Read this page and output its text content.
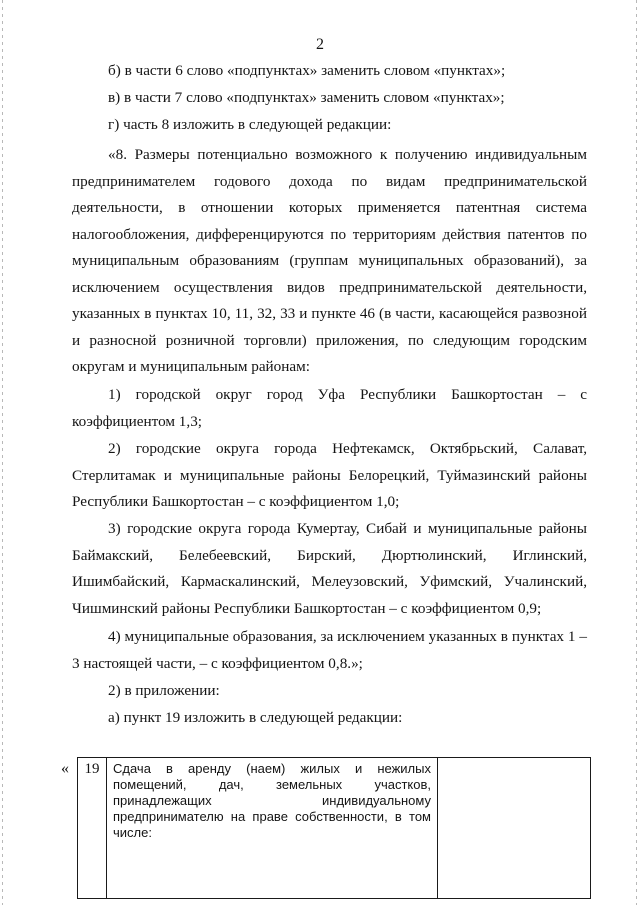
2
б) в части 6 слово «подпунктах» заменить словом «пунктах»;
в) в части 7 слово «подпунктах» заменить словом «пунктах»;
г) часть 8 изложить в следующей редакции:
«8. Размеры потенциально возможного к получению индивидуальным предпринимателем годового дохода по видам предпринимательской деятельности, в отношении которых применяется патентная система налогообложения, дифференцируются по территориям действия патентов по муниципальным образованиям (группам муниципальных образований), за исключением осуществления видов предпринимательской деятельности, указанных в пунктах 10, 11, 32, 33 и пункте 46 (в части, касающейся развозной и разносной розничной торговли) приложения, по следующим городским округам и муниципальным районам:
1) городской округ город Уфа Республики Башкортостан – с коэффициентом 1,3;
2) городские округа города Нефтекамск, Октябрьский, Салават, Стерлитамак и муниципальные районы Белорецкий, Туймазинский районы Республики Башкортостан – с коэффициентом 1,0;
3) городские округа города Кумертау, Сибай и муниципальные районы Баймакский, Белебеевский, Бирский, Дюртюлинский, Иглинский, Ишимбайский, Кармаскалинский, Мелеузовский, Уфимский, Учалинский, Чишминский районы Республики Башкортостан – с коэффициентом 0,9;
4) муниципальные образования, за исключением указанных в пунктах 1 – 3 настоящей части, – с коэффициентом 0,8.»;
2) в приложении:
а) пункт 19 изложить в следующей редакции:
«	19	Сдача в аренду (наем) жилых и нежилых помещений, дач, земельных участков, принадлежащих индивидуальному предпринимателю на праве собственности, в том числе:
